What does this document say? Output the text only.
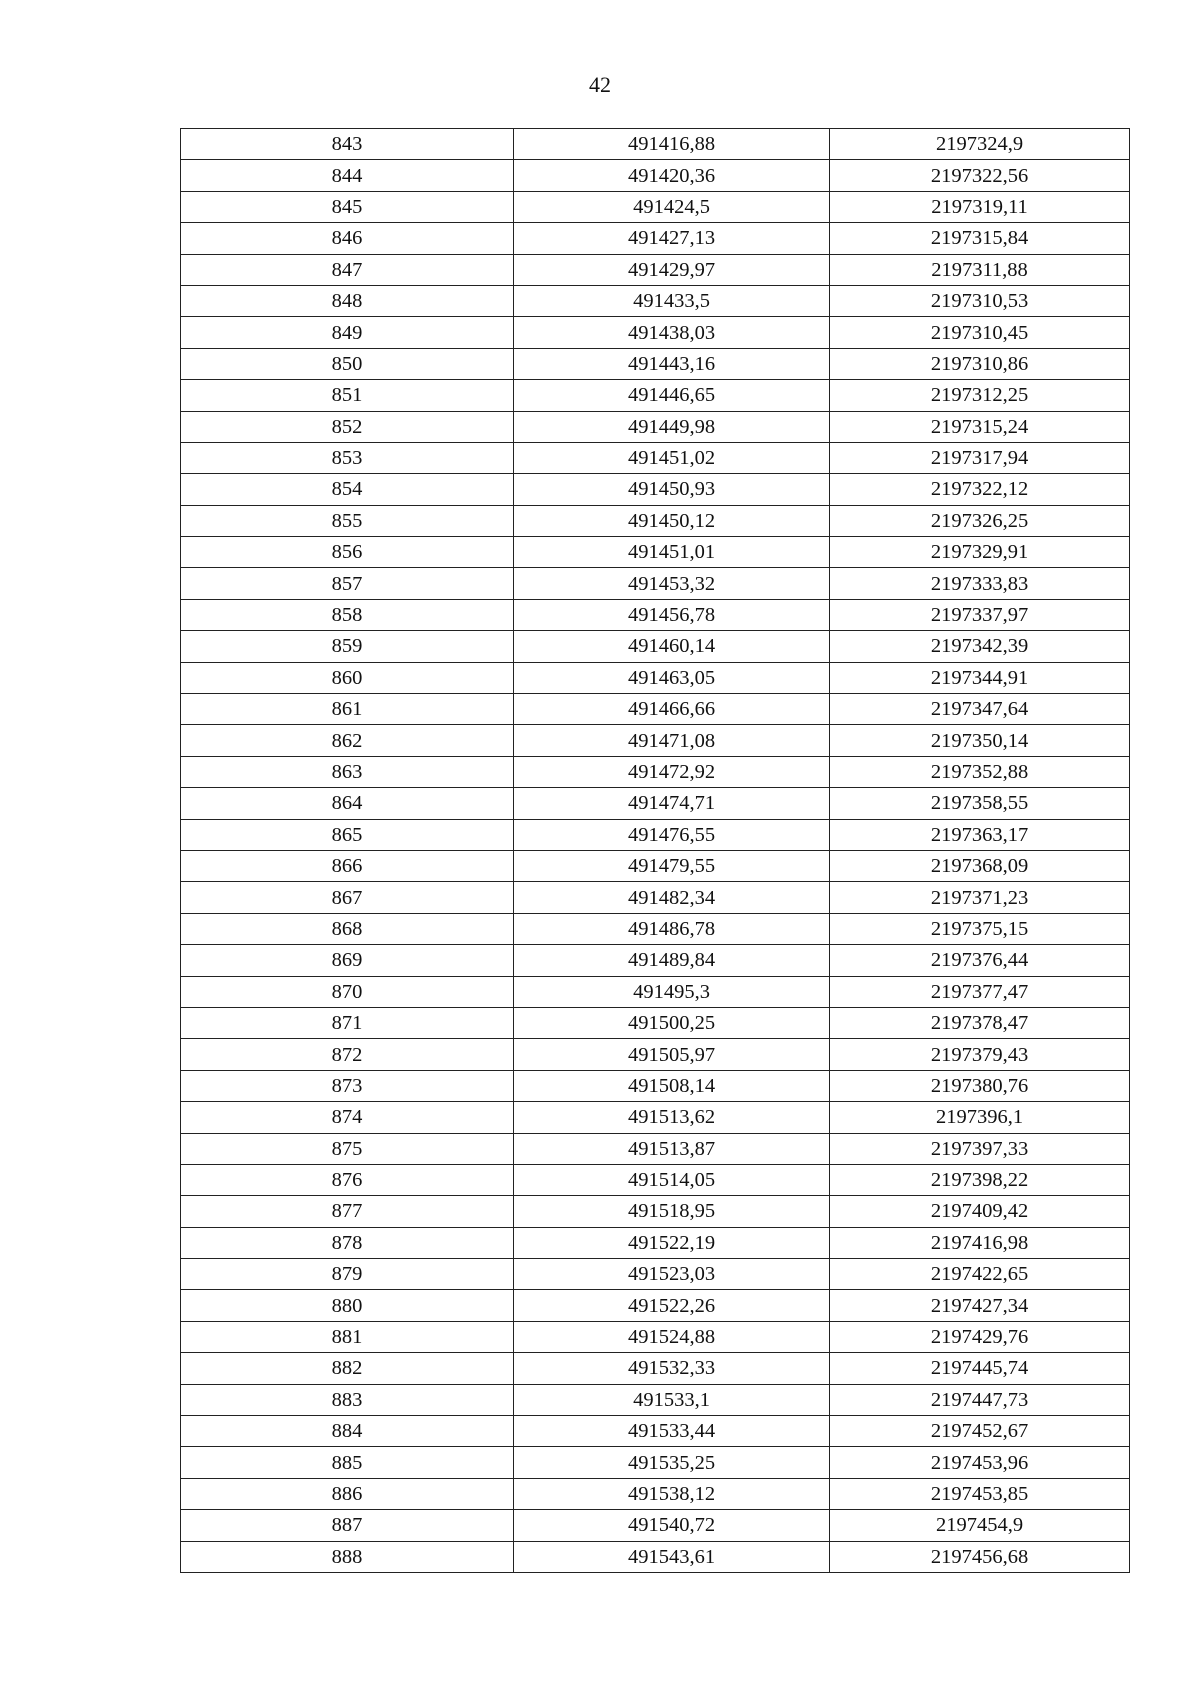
42
843	491416,88	2197324,9
844	491420,36	2197322,56
845	491424,5	2197319,11
846	491427,13	2197315,84
847	491429,97	2197311,88
848	491433,5	2197310,53
849	491438,03	2197310,45
850	491443,16	2197310,86
851	491446,65	2197312,25
852	491449,98	2197315,24
853	491451,02	2197317,94
854	491450,93	2197322,12
855	491450,12	2197326,25
856	491451,01	2197329,91
857	491453,32	2197333,83
858	491456,78	2197337,97
859	491460,14	2197342,39
860	491463,05	2197344,91
861	491466,66	2197347,64
862	491471,08	2197350,14
863	491472,92	2197352,88
864	491474,71	2197358,55
865	491476,55	2197363,17
866	491479,55	2197368,09
867	491482,34	2197371,23
868	491486,78	2197375,15
869	491489,84	2197376,44
870	491495,3	2197377,47
871	491500,25	2197378,47
872	491505,97	2197379,43
873	491508,14	2197380,76
874	491513,62	2197396,1
875	491513,87	2197397,33
876	491514,05	2197398,22
877	491518,95	2197409,42
878	491522,19	2197416,98
879	491523,03	2197422,65
880	491522,26	2197427,34
881	491524,88	2197429,76
882	491532,33	2197445,74
883	491533,1	2197447,73
884	491533,44	2197452,67
885	491535,25	2197453,96
886	491538,12	2197453,85
887	491540,72	2197454,9
888	491543,61	2197456,68
